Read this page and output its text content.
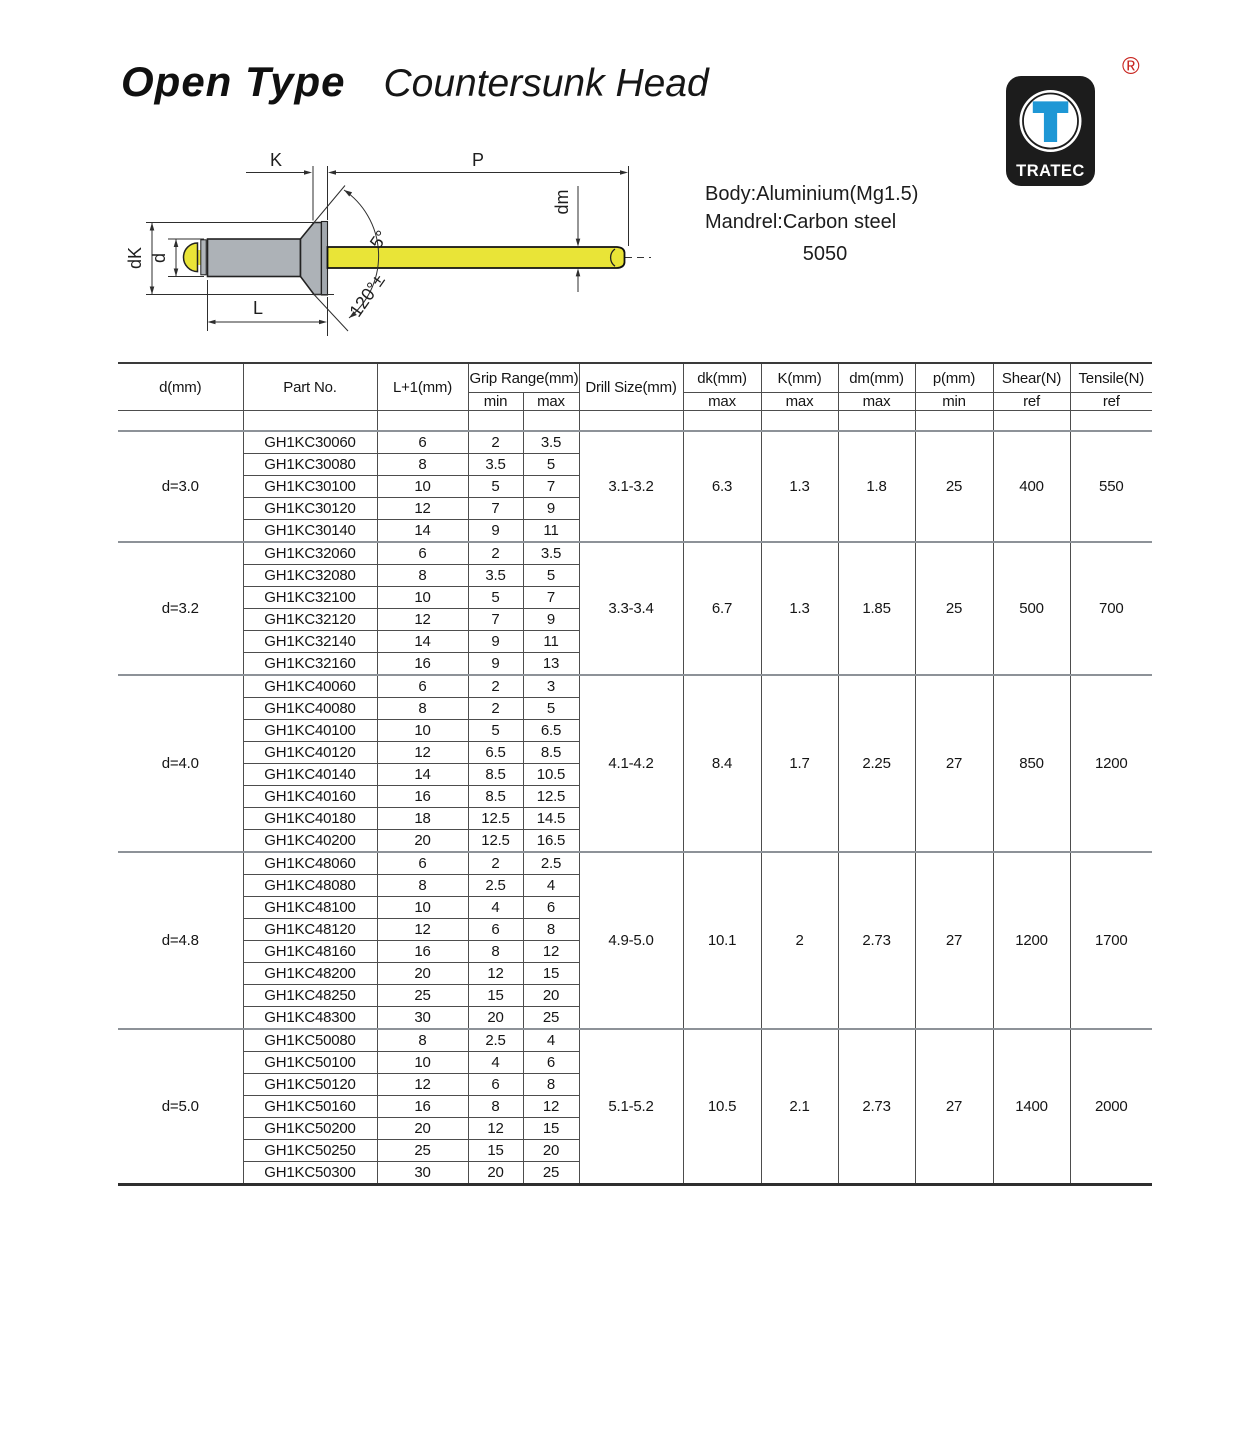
Open Type Countersunk Head
Body:Aluminium(Mg1.5)
Mandrel:Carbon steel
5050
T
TRATEC
®
K	P
dm
dK d
L	120°±
5°
d(mm)	Part No.	L+1(mm)	Grip Range(mm)		Drill Size(mm)	dk(mm)	K(mm)	dm(mm)	p(mm)	Shear(N)	Tensile(N)
			min	max		max	max	max	min	ref	ref

d=3.0	GH1KC30060	6	2	3.5	3.1-3.2	6.3	1.3	1.8	25	400	550
	GH1KC30080	8	3.5	5							
	GH1KC30100	10	5	7							
	GH1KC30120	12	7	9							
	GH1KC30140	14	9	11							
d=3.2	GH1KC32060	6	2	3.5	3.3-3.4	6.7	1.3	1.85	25	500	700
	GH1KC32080	8	3.5	5							
	GH1KC32100	10	5	7							
	GH1KC32120	12	7	9							
	GH1KC32140	14	9	11							
	GH1KC32160	16	9	13							
d=4.0	GH1KC40060	6	2	3	4.1-4.2	8.4	1.7	2.25	27	850	1200
	GH1KC40080	8	2	5							
	GH1KC40100	10	5	6.5							
	GH1KC40120	12	6.5	8.5							
	GH1KC40140	14	8.5	10.5							
	GH1KC40160	16	8.5	12.5							
	GH1KC40180	18	12.5	14.5							
	GH1KC40200	20	12.5	16.5							
d=4.8	GH1KC48060	6	2	2.5	4.9-5.0	10.1	2	2.73	27	1200	1700
	GH1KC48080	8	2.5	4							
	GH1KC48100	10	4	6							
	GH1KC48120	12	6	8							
	GH1KC48160	16	8	12							
	GH1KC48200	20	12	15							
	GH1KC48250	25	15	20							
	GH1KC48300	30	20	25							
d=5.0	GH1KC50080	8	2.5	4	5.1-5.2	10.5	2.1	2.73	27	1400	2000
	GH1KC50100	10	4	6							
	GH1KC50120	12	6	8							
	GH1KC50160	16	8	12							
	GH1KC50200	20	12	15							
	GH1KC50250	25	15	20							
	GH1KC50300	30	20	25							
